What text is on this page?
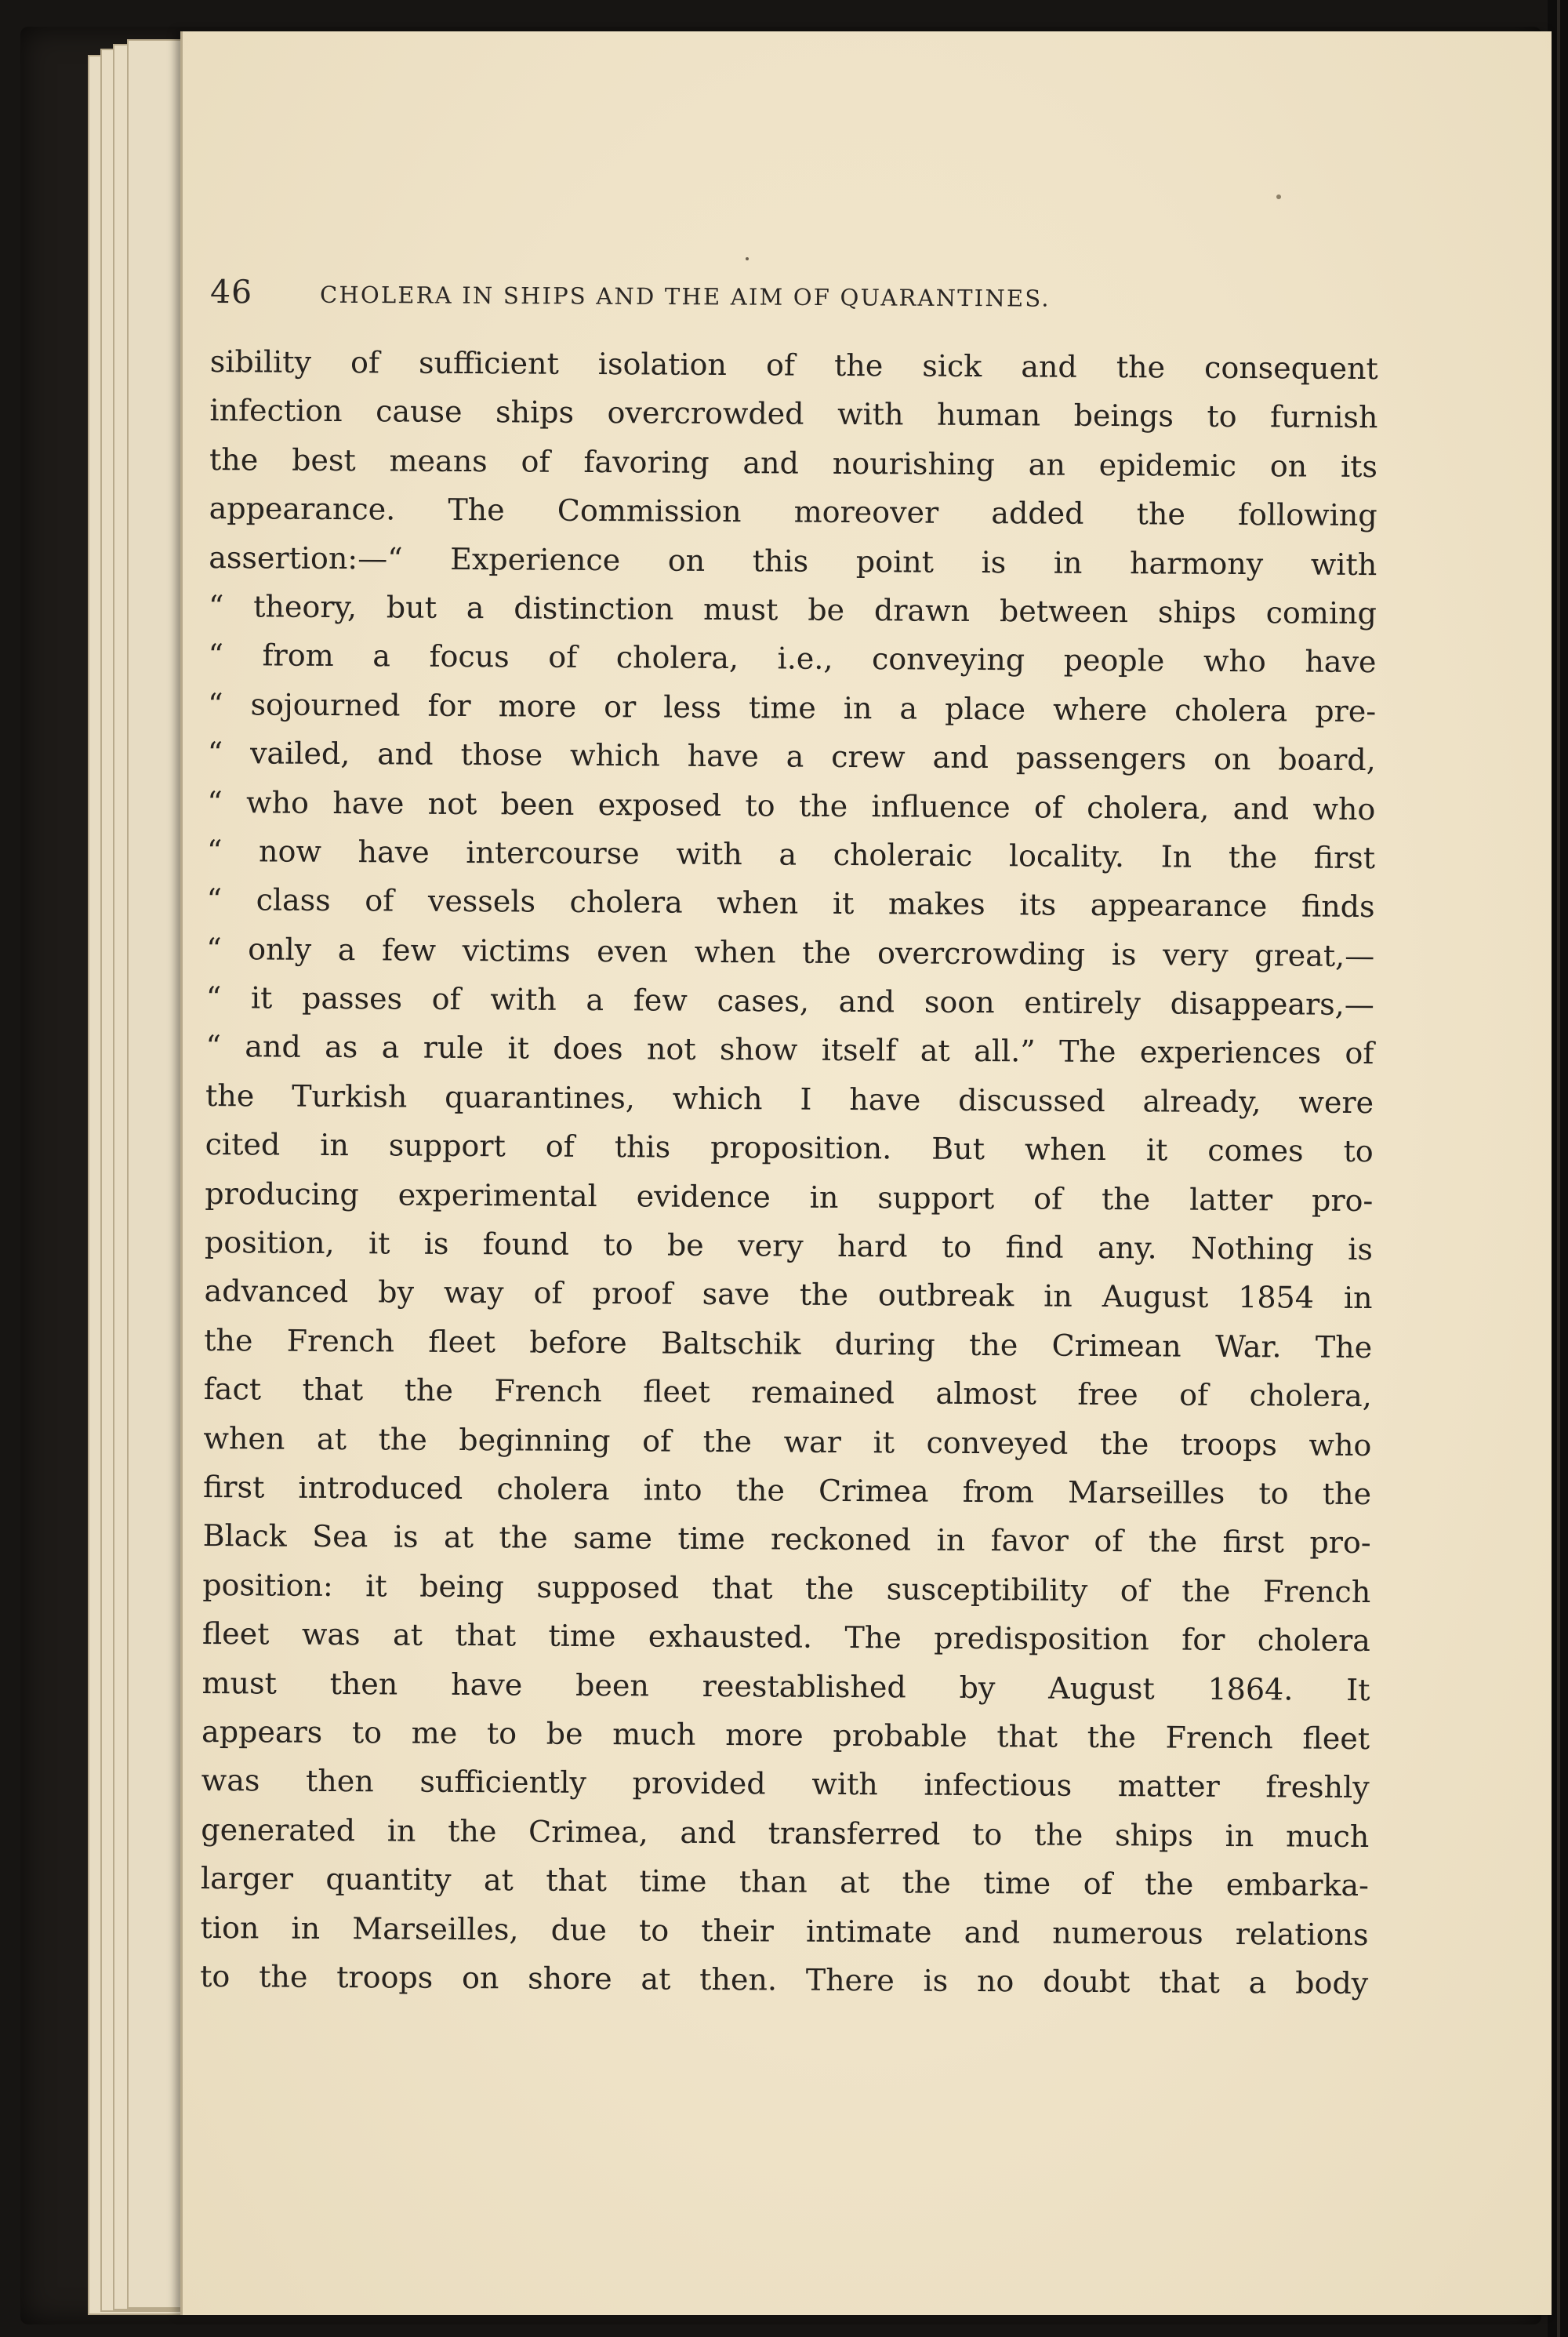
46	CHOLERA IN SHIPS AND THE AIM OF QUARANTINES.
sibility of sufficient isolation of the sick and the consequent
infection cause ships overcrowded with human beings to furnish
the best means of favoring and nourishing an epidemic on its
appearance. The Commission moreover added the following
assertion:—“ Experience on this point is in harmony with
“ theory, but a distinction must be drawn between ships coming
“ from a focus of cholera, i.e., conveying people who have
“ sojourned for more or less time in a place where cholera pre-
“ vailed, and those which have a crew and passengers on board,
“ who have not been exposed to the influence of cholera, and who
“ now have intercourse with a choleraic locality. In the first
“ class of vessels cholera when it makes its appearance finds
“ only a few victims even when the overcrowding is very great,—
“ it passes of with a few cases, and soon entirely disappears,—
“ and as a rule it does not show itself at all.” The experiences of
the Turkish quarantines, which I have discussed already, were
cited in support of this proposition. But when it comes to
producing experimental evidence in support of the latter pro-
position, it is found to be very hard to find any. Nothing is
advanced by way of proof save the outbreak in August 1854 in
the French fleet before Baltschik during the Crimean War. The
fact that the French fleet remained almost free of cholera,
when at the beginning of the war it conveyed the troops who
first introduced cholera into the Crimea from Marseilles to the
Black Sea is at the same time reckoned in favor of the first pro-
position: it being supposed that the susceptibility of the French
fleet was at that time exhausted. The predisposition for cholera
must then have been reestablished by August 1864. It
appears to me to be much more probable that the French fleet
was then sufficiently provided with infectious matter freshly
generated in the Crimea, and transferred to the ships in much
larger quantity at that time than at the time of the embarka-
tion in Marseilles, due to their intimate and numerous relations
to the troops on shore at then. There is no doubt that a body
